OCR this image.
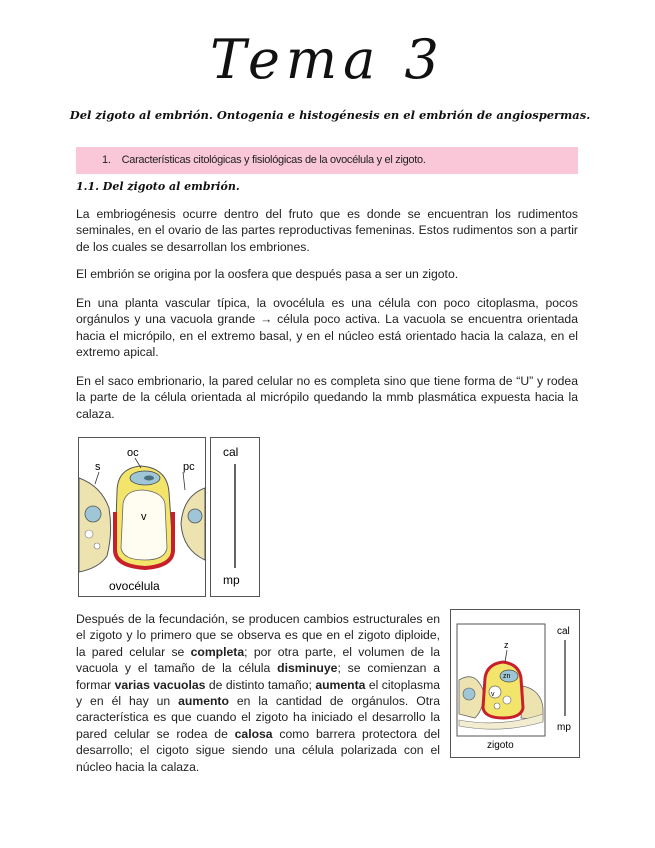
Tema 3
Del zigoto al embrión. Ontogenia e histogénesis en el embrión de angiospermas.
1. Características citológicas y fisiológicas de la ovocélula y el zigoto.
1.1. Del zigoto al embrión.
La embriogénesis ocurre dentro del fruto que es donde se encuentran los rudimentos seminales, en el ovario de las partes reproductivas femeninas. Estos rudimentos son a partir de los cuales se desarrollan los embriones.
El embrión se origina por la oosfera que después pasa a ser un zigoto.
En una planta vascular típica, la ovocélula es una célula con poco citoplasma, pocos orgánulos y una vacuola grande → célula poco activa. La vacuola se encuentra orientada hacia el micrópilo, en el extremo basal, y en el núcleo está orientado hacia la calaza, en el extremo apical.
En el saco embrionario, la pared celular no es completa sino que tiene forma de “U” y rodea la parte de la célula orientada al micrópilo quedando la mmb plasmática expuesta hacia la calaza.
oc
pc
s
v
ovocélula
cal
mp
Después de la fecundación, se producen cambios estructurales en el zigoto y lo primero que se observa es que en el zigoto diploide, la pared celular se completa; por otra parte, el volumen de la vacuola y el tamaño de la célula disminuye; se comienzan a formar varias vacuolas de distinto tamaño; aumenta el citoplasma y en él hay un aumento en la cantidad de orgánulos. Otra característica es que cuando el zigoto ha iniciado el desarrollo la pared celular se rodea de calosa como barrera protectora del desarrollo; el cigoto sigue siendo una célula polarizada con el núcleo hacia la calaza.
z
v
zn
cal
mp
zigoto
